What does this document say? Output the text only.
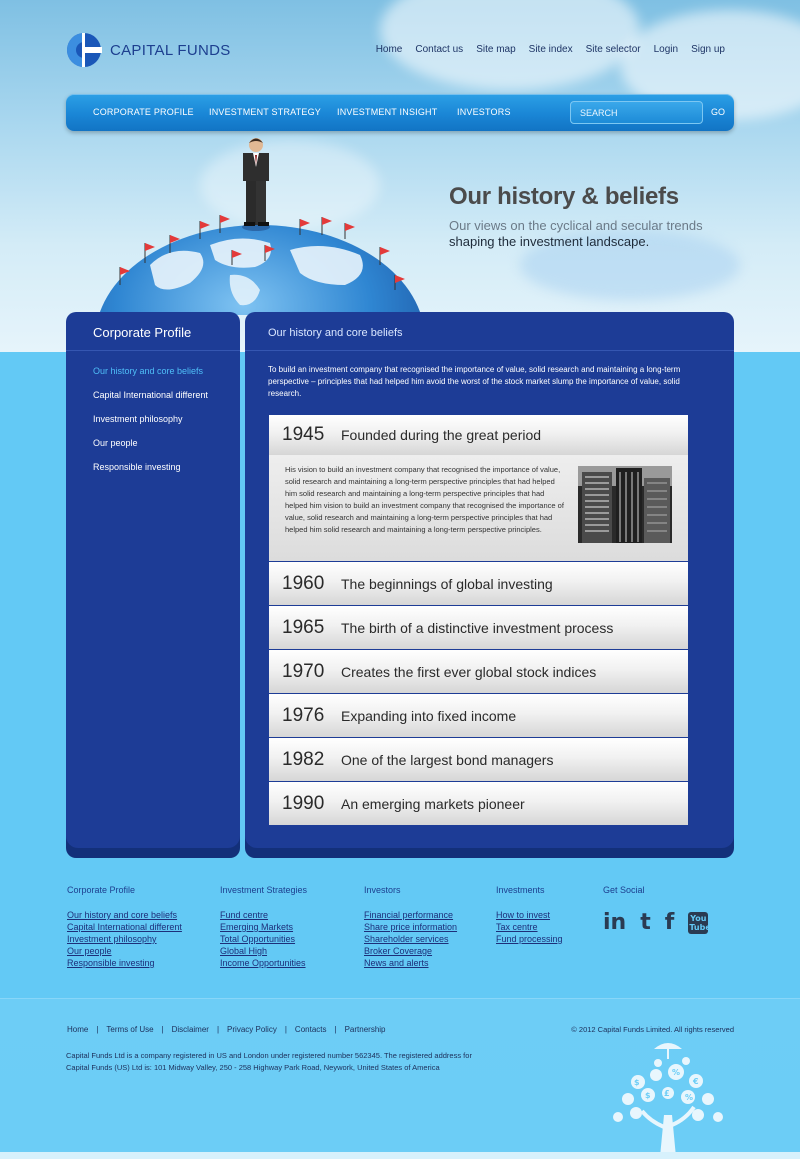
CAPITAL FUNDS	Home Contact us Site map Site index Site selector Login Sign up
CORPORATE PROFILE INVESTMENT STRATEGY INVESTMENT INSIGHT INVESTORS
SEARCH	GO
Our history & beliefs
Our views on the cyclical and secular trends
shaping the investment landscape.
Corporate Profile
Our history and core beliefs
Capital International different
Investment philosophy
Our people
Responsible investing
Our history and core beliefs

To build an investment company that recognised the importance of value, solid research and maintaining a long-term perspective – principles that had helped him avoid the worst of the stock market slump the importance of value, solid research.

1945	Founded during the great period

His vision to build an investment company that recognised the importance of value, solid research and maintaining a long-term perspective principles that had helped him solid research and maintaining a long-term perspective principles that had helped him vision to build an investment company that recognised the importance of value, solid research and maintaining a long-term perspective principles that had helped him solid research and maintaining a long-term perspective principles.

1960	The beginnings of global investing
1965	The birth of a distinctive investment process
1970	Creates the first ever global stock indices
1976	Expanding into fixed income
1982	One of the largest bond managers
1990	An emerging markets pioneer
Corporate Profile
Our history and core beliefs
Capital International different
Investment philosophy
Our people
Responsible investing
Investment Strategies
Fund centre
Emerging Markets
Total Opportunities
Global High
Income Opportunities
Investors
Financial performance
Share price information
Shareholder services
Broker Coverage
News and alerts
Investments
How to invest
Tax centre
Fund processing
Get Social
in t f You Tube
Home | Terms of Use | Disclaimer | Privacy Policy | Contacts | Partnership	© 2012 Capital Funds Limited. All rights reserved
Capital Funds Ltd is a company registered in US and London under registered number 562345. The registered address for
Capital Funds (US) Ltd is: 101 Midway Valley, 250 - 258 Highway Park Road, Neywork, United States of America
$
%
€
$	%
£
